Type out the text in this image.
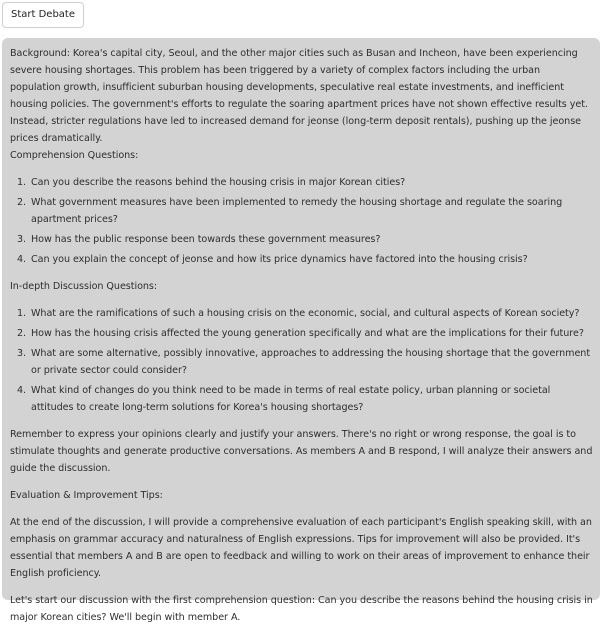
Start Debate

Background: Korea's capital city, Seoul, and the other major cities such as Busan and Incheon, have been experiencing severe housing shortages. This problem has been triggered by a variety of complex factors including the urban population growth, insufficient suburban housing developments, speculative real estate investments, and inefficient housing policies. The government's efforts to regulate the soaring apartment prices have not shown effective results yet. Instead, stricter regulations have led to increased demand for jeonse (long-term deposit rentals), pushing up the jeonse prices dramatically.

Comprehension Questions:

1. Can you describe the reasons behind the housing crisis in major Korean cities?
2. What government measures have been implemented to remedy the housing shortage and regulate the soaring apartment prices?
3. How has the public response been towards these government measures?
4. Can you explain the concept of jeonse and how its price dynamics have factored into the housing crisis?

In-depth Discussion Questions:

1. What are the ramifications of such a housing crisis on the economic, social, and cultural aspects of Korean society?
2. How has the housing crisis affected the young generation specifically and what are the implications for their future?
3. What are some alternative, possibly innovative, approaches to addressing the housing shortage that the government or private sector could consider?
4. What kind of changes do you think need to be made in terms of real estate policy, urban planning or societal attitudes to create long-term solutions for Korea's housing shortages?

Remember to express your opinions clearly and justify your answers. There's no right or wrong response, the goal is to stimulate thoughts and generate productive conversations. As members A and B respond, I will analyze their answers and guide the discussion.

Evaluation & Improvement Tips:

At the end of the discussion, I will provide a comprehensive evaluation of each participant's English speaking skill, with an emphasis on grammar accuracy and naturalness of English expressions. Tips for improvement will also be provided. It's essential that members A and B are open to feedback and willing to work on their areas of improvement to enhance their English proficiency.

Let's start our discussion with the first comprehension question: Can you describe the reasons behind the housing crisis in major Korean cities? We'll begin with member A.
